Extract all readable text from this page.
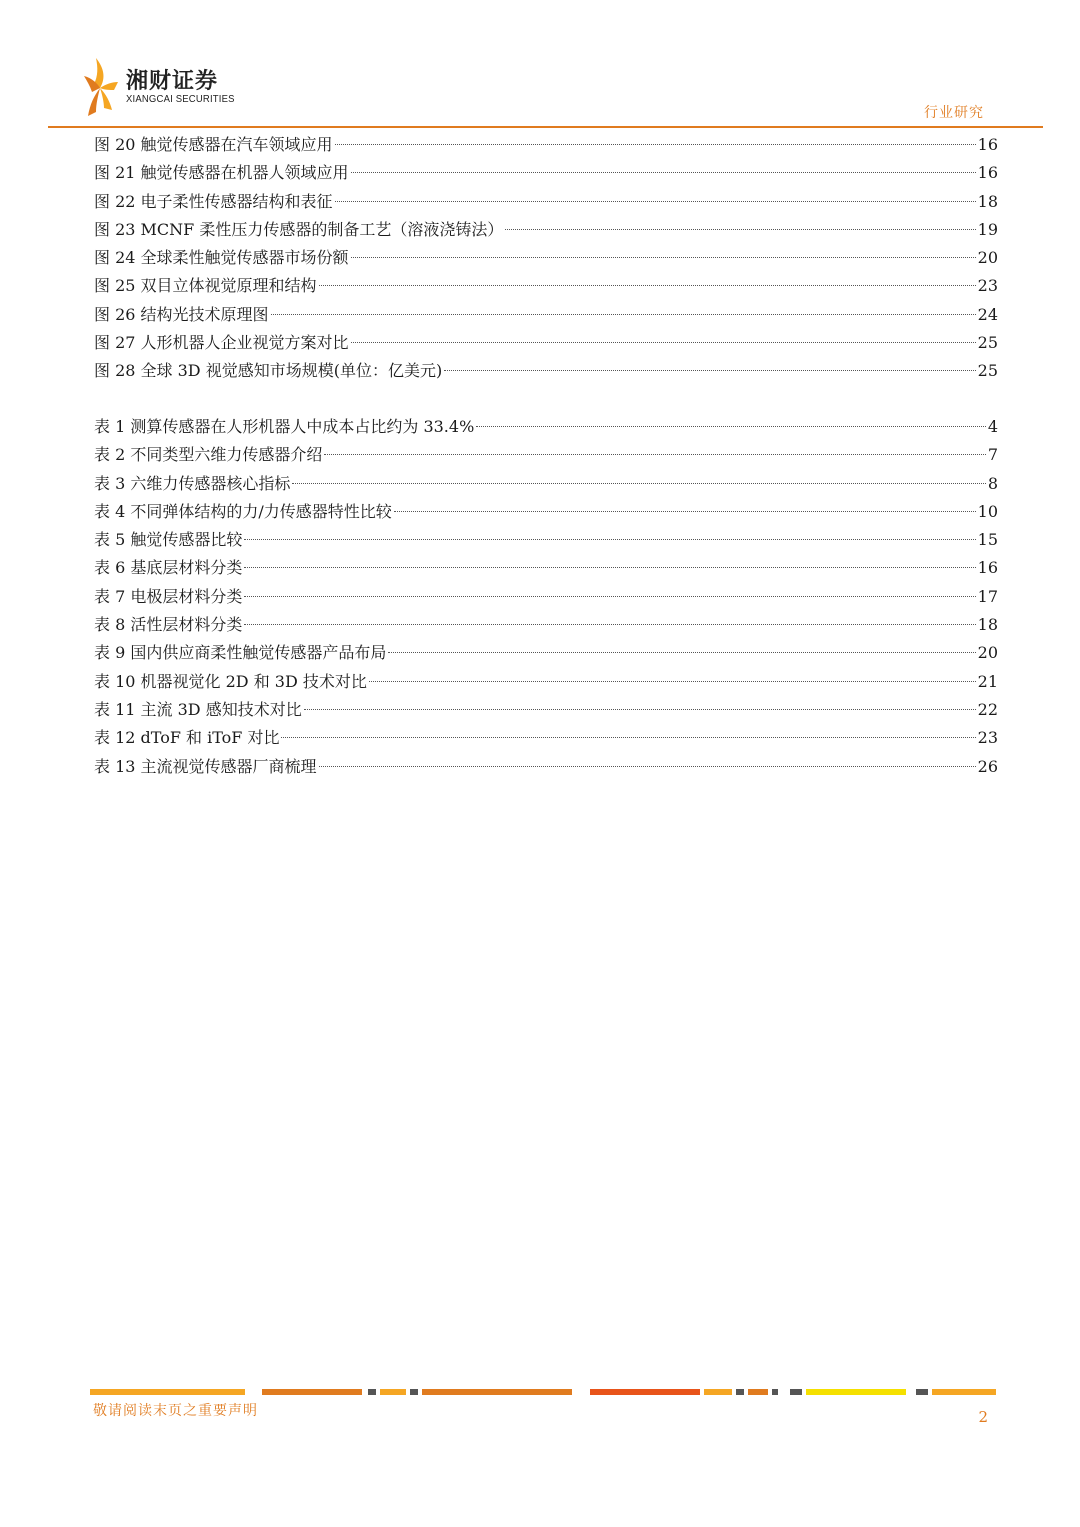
湘财证券
XIANGCAI SECURITIES
行业研究
图 20 触觉传感器在汽车领域应用	16
图 21 触觉传感器在机器人领域应用	16
图 22 电子柔性传感器结构和表征	18
图 23 MCNF 柔性压力传感器的制备工艺（溶液浇铸法）	19
图 24 全球柔性触觉传感器市场份额	20
图 25 双目立体视觉原理和结构	23
图 26 结构光技术原理图	24
图 27 人形机器人企业视觉方案对比	25
图 28 全球 3D 视觉感知市场规模(单位：亿美元)	25
表 1 测算传感器在人形机器人中成本占比约为 33.4%	4
表 2 不同类型六维力传感器介绍	7
表 3 六维力传感器核心指标	8
表 4 不同弹体结构的力/力传感器特性比较	10
表 5 触觉传感器比较	15
表 6 基底层材料分类	16
表 7 电极层材料分类	17
表 8 活性层材料分类	18
表 9 国内供应商柔性触觉传感器产品布局	20
表 10 机器视觉化 2D 和 3D 技术对比	21
表 11 主流 3D 感知技术对比	22
表 12 dToF 和 iToF 对比	23
表 13 主流视觉传感器厂商梳理	26
敬请阅读末页之重要声明	2
